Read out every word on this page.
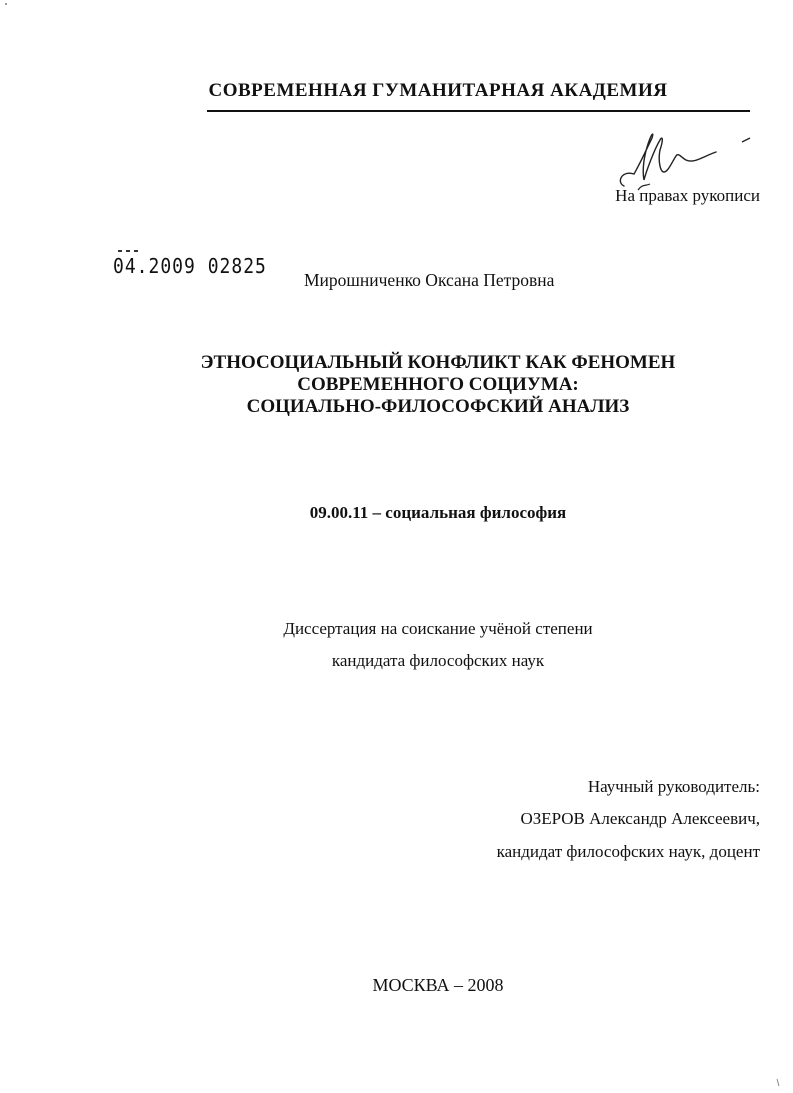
СОВРЕМЕННАЯ ГУМАНИТАРНАЯ АКАДЕМИЯ
На правах рукописи
04.2009 02825
Мирошниченко Оксана Петровна
ЭТНОСОЦИАЛЬНЫЙ КОНФЛИКТ КАК ФЕНОМЕН
СОВРЕМЕННОГО СОЦИУМА:
СОЦИАЛЬНО-ФИЛОСОФСКИЙ АНАЛИЗ
09.00.11 – социальная философия
Диссертация на соискание учёной степени
кандидата философских наук
Научный руководитель:
ОЗЕРОВ Александр Алексеевич,
кандидат философских наук, доцент
МОСКВА – 2008
